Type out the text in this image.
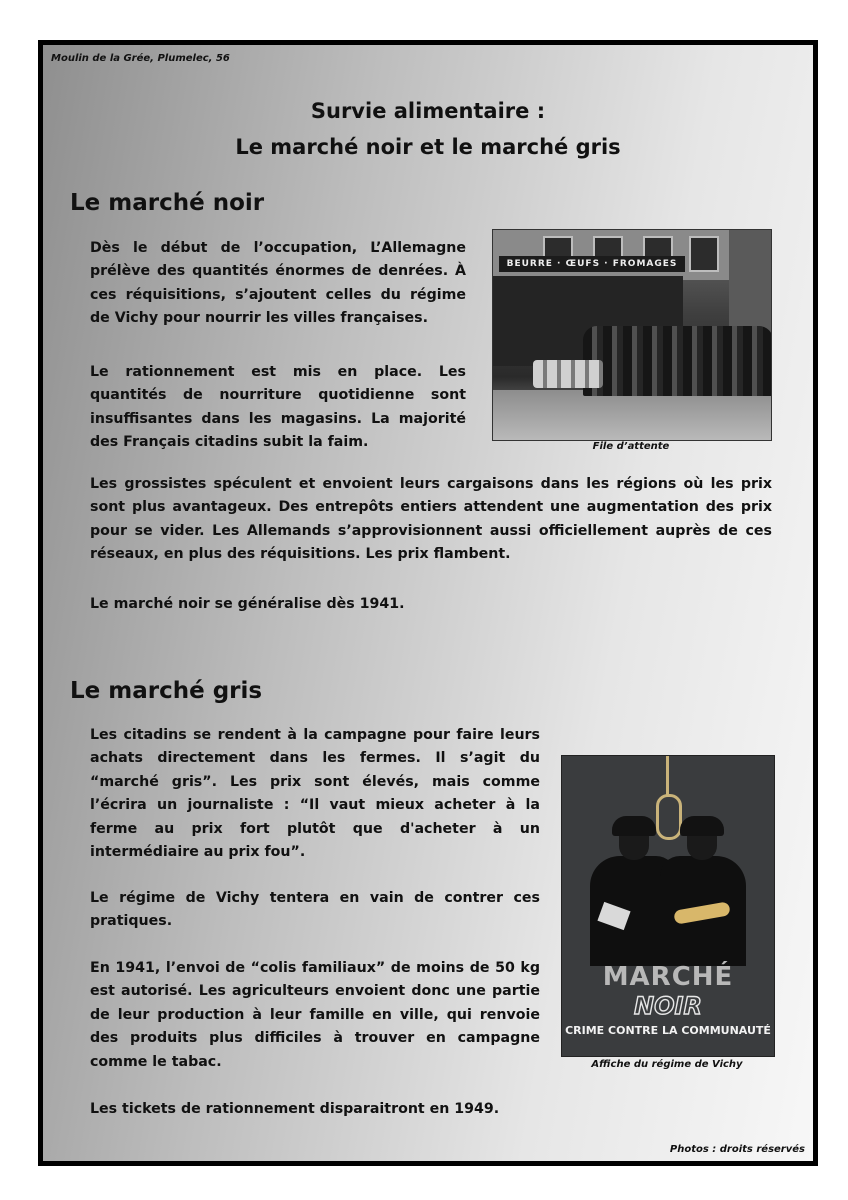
Moulin de la Grée, Plumelec, 56
Survie alimentaire :
Le marché noir et le marché gris
Le marché noir

Dès le début de l’occupation, L’Allemagne prélève des quantités énormes de denrées. À ces réquisitions, s’ajoutent celles du régime de Vichy pour nourrir les villes françaises.

Le rationnement est mis en place. Les quantités de nourriture quotidienne sont insuffisantes dans les magasins. La majorité des Français citadins subit la faim.

BEURRE · ŒUFS · FROMAGES
File d’attente

Les grossistes spéculent et envoient leurs cargaisons dans les régions où les prix sont plus avantageux. Des entrepôts entiers attendent une augmentation des prix pour se vider. Les Allemands s’approvisionnent aussi officiellement auprès de ces réseaux, en plus des réquisitions. Les prix flambent.

Le marché noir se généralise dès 1941.

Le marché gris

Les citadins se rendent à la campagne pour faire leurs achats directement dans les fermes. Il s’agit du “marché gris”. Les prix sont élevés, mais comme l’écrira un journaliste : “Il vaut mieux acheter à la ferme au prix fort plutôt que d'acheter à un intermédiaire au prix fou”.

Le régime de Vichy tentera en vain de contrer ces pratiques.

En 1941, l’envoi de “colis familiaux” de moins de 50 kg est autorisé. Les agriculteurs envoient donc une partie de leur production à leur famille en ville, qui renvoie des produits plus difficiles à trouver en campagne comme le tabac.

Les tickets de rationnement disparaitront en 1949.

MARCHÉ
NOIR
CRIME CONTRE LA COMMUNAUTÉ
Affiche du régime de Vichy
Photos : droits réservés
